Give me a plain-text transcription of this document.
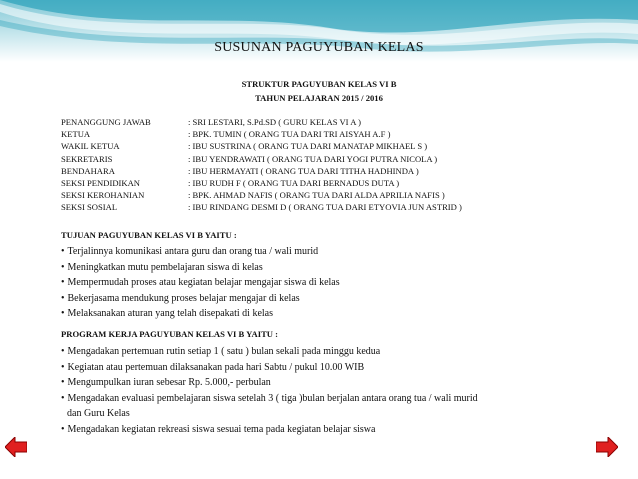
SUSUNAN PAGUYUBAN KELAS
STRUKTUR PAGUYUBAN KELAS VI B
TAHUN PELAJARAN 2015 / 2016
PENANGGUNG JAWAB	: SRI LESTARI, S.Pd.SD ( GURU KELAS VI A )
KETUA	: BPK. TUMIN ( ORANG TUA DARI TRI AISYAH A.F )
WAKIL KETUA	: IBU SUSTRINA ( ORANG TUA DARI MANATAP MIKHAEL S )
SEKRETARIS	: IBU YENDRAWATI ( ORANG TUA DARI YOGI PUTRA NICOLA )
BENDAHARA	: IBU HERMAYATI ( ORANG TUA DARI TITHA HADHINDA )
SEKSI PENDIDIKAN	: IBU RUDH F ( ORANG TUA DARI BERNADUS DUTA )
SEKSI KEROHANIAN	: BPK. AHMAD NAFIS ( ORANG TUA DARI ALDA APRILIA NAFIS )
SEKSI SOSIAL	: IBU RINDANG DESMI D ( ORANG TUA DARI ETYOVIA JUN ASTRID )
TUJUAN PAGUYUBAN KELAS VI B YAITU :
• Terjalinnya komunikasi antara guru dan orang tua / wali murid
• Meningkatkan mutu pembelajaran siswa di kelas
• Mempermudah proses atau kegiatan belajar mengajar siswa di kelas
• Bekerjasama mendukung proses belajar mengajar di kelas
• Melaksanakan aturan yang telah disepakati di kelas
PROGRAM KERJA PAGUYUBAN KELAS VI B YAITU :
• Mengadakan pertemuan rutin setiap 1 ( satu ) bulan sekali pada minggu kedua
• Kegiatan atau pertemuan dilaksanakan pada hari Sabtu / pukul 10.00 WIB
• Mengumpulkan iuran sebesar Rp. 5.000,- perbulan
• Mengadakan evaluasi pembelajaran siswa setelah 3 ( tiga )bulan berjalan antara orang tua / wali murid
dan Guru Kelas
• Mengadakan kegiatan rekreasi siswa sesuai tema pada kegiatan belajar siswa
